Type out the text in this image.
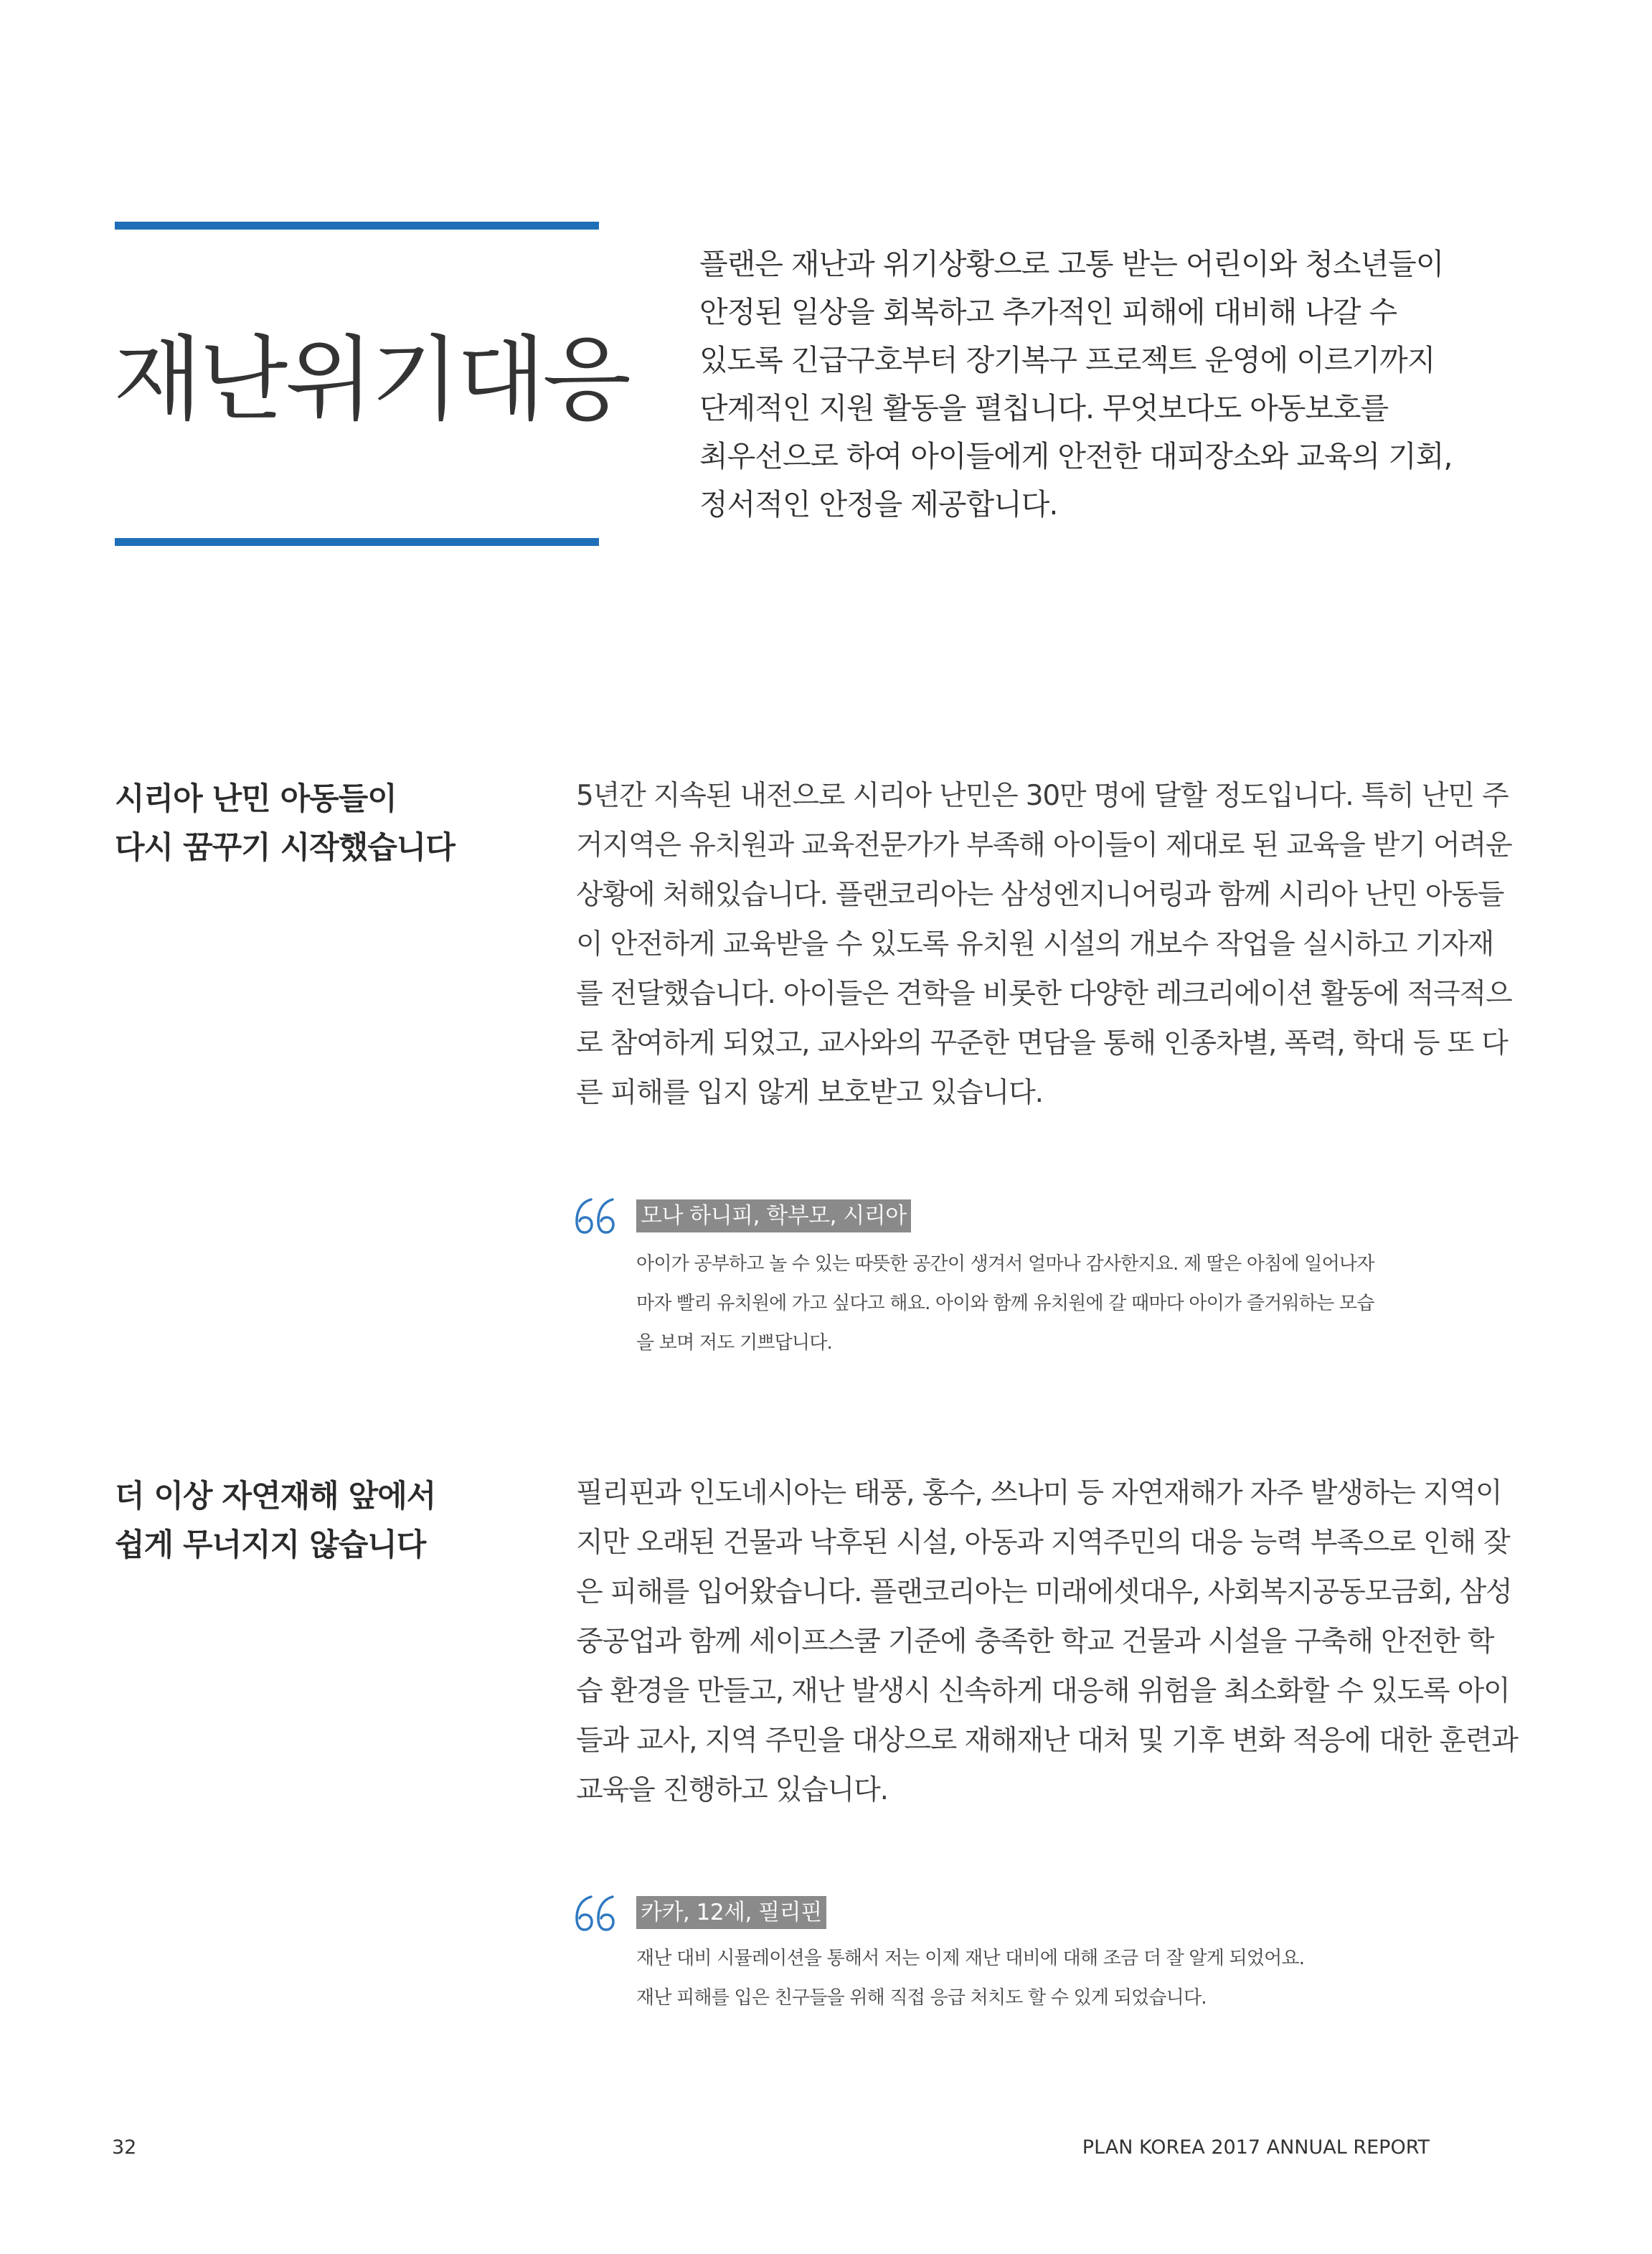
재난위기대응
플랜은 재난과 위기상황으로 고통 받는 어린이와 청소년들이
안정된 일상을 회복하고 추가적인 피해에 대비해 나갈 수
있도록 긴급구호부터 장기복구 프로젝트 운영에 이르기까지
단계적인 지원 활동을 펼칩니다. 무엇보다도 아동보호를
최우선으로 하여 아이들에게 안전한 대피장소와 교육의 기회,
정서적인 안정을 제공합니다.
시리아 난민 아동들이
다시 꿈꾸기 시작했습니다
5년간 지속된 내전으로 시리아 난민은 30만 명에 달할 정도입니다. 특히 난민 주
거지역은 유치원과 교육전문가가 부족해 아이들이 제대로 된 교육을 받기 어려운
상황에 처해있습니다. 플랜코리아는 삼성엔지니어링과 함께 시리아 난민 아동들
이 안전하게 교육받을 수 있도록 유치원 시설의 개보수 작업을 실시하고 기자재
를 전달했습니다. 아이들은 견학을 비롯한 다양한 레크리에이션 활동에 적극적으
로 참여하게 되었고, 교사와의 꾸준한 면담을 통해 인종차별, 폭력, 학대 등 또 다
른 피해를 입지 않게 보호받고 있습니다.
모나 하니피, 학부모, 시리아
아이가 공부하고 놀 수 있는 따뜻한 공간이 생겨서 얼마나 감사한지요. 제 딸은 아침에 일어나자
마자 빨리 유치원에 가고 싶다고 해요. 아이와 함께 유치원에 갈 때마다 아이가 즐거워하는 모습
을 보며 저도 기쁘답니다.
더 이상 자연재해 앞에서
쉽게 무너지지 않습니다
필리핀과 인도네시아는 태풍, 홍수, 쓰나미 등 자연재해가 자주 발생하는 지역이
지만 오래된 건물과 낙후된 시설, 아동과 지역주민의 대응 능력 부족으로 인해 잦
은 피해를 입어왔습니다. 플랜코리아는 미래에셋대우, 사회복지공동모금회, 삼성
중공업과 함께 세이프스쿨 기준에 충족한 학교 건물과 시설을 구축해 안전한 학
습 환경을 만들고, 재난 발생시 신속하게 대응해 위험을 최소화할 수 있도록 아이
들과 교사, 지역 주민을 대상으로 재해재난 대처 및 기후 변화 적응에 대한 훈련과
교육을 진행하고 있습니다.
카카, 12세, 필리핀
재난 대비 시뮬레이션을 통해서 저는 이제 재난 대비에 대해 조금 더 잘 알게 되었어요.
재난 피해를 입은 친구들을 위해 직접 응급 처치도 할 수 있게 되었습니다.
32	PLAN KOREA 2017 ANNUAL REPORT
